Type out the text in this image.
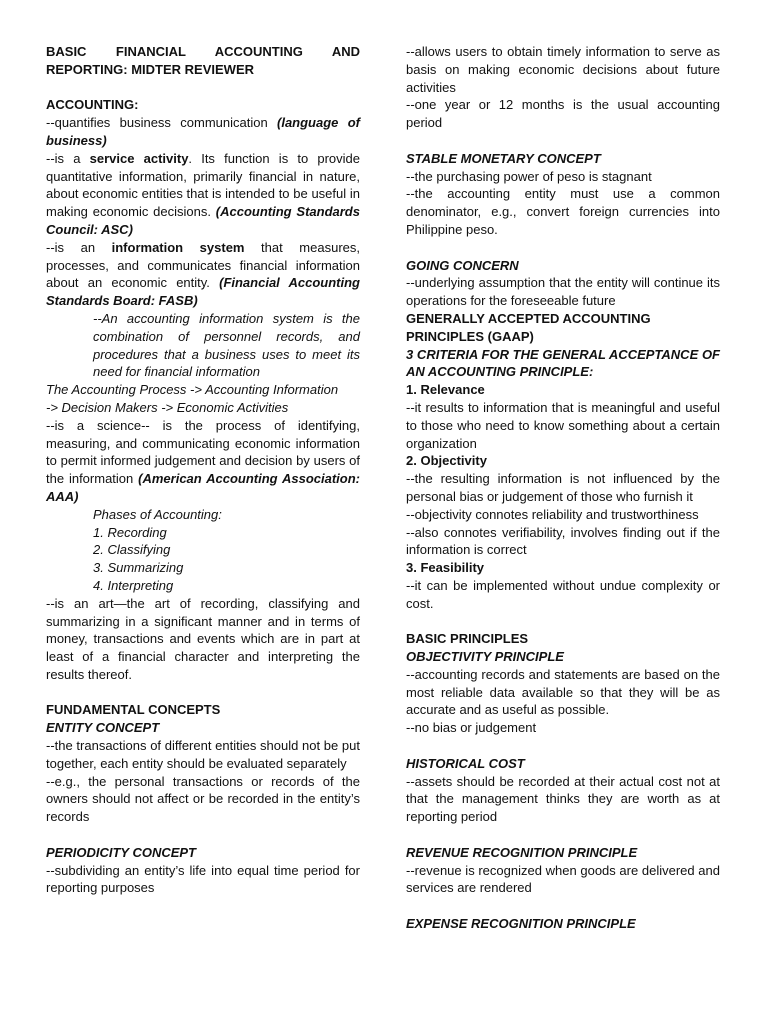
BASIC FINANCIAL ACCOUNTING AND REPORTING: MIDTER REVIEWER

ACCOUNTING:

--quantifies business communication (language of business)

--is a service activity. Its function is to provide quantitative information, primarily financial in nature, about economic entities that is intended to be useful in making economic decisions. (Accounting Standards Council: ASC)

--is an information system that measures, processes, and communicates financial information about an economic entity. (Financial Accounting Standards Board: FASB)

--An accounting information system is the combination of personnel records, and procedures that a business uses to meet its need for financial information

The Accounting Process -> Accounting Information

-> Decision Makers -> Economic Activities

--is a science-- is the process of identifying, measuring, and communicating economic information to permit informed judgement and decision by users of the information (American Accounting Association: AAA)

Phases of Accounting:

1. Recording

2. Classifying

3. Summarizing

4. Interpreting

--is an art—the art of recording, classifying and summarizing in a significant manner and in terms of money, transactions and events which are in part at least of a financial character and interpreting the results thereof.

FUNDAMENTAL CONCEPTS

ENTITY CONCEPT

--the transactions of different entities should not be put together, each entity should be evaluated separately

--e.g., the personal transactions or records of the owners should not affect or be recorded in the entity’s records

PERIODICITY CONCEPT

--subdividing an entity’s life into equal time period for reporting purposes

--allows users to obtain timely information to serve as basis on making economic decisions about future activities

--one year or 12 months is the usual accounting period

STABLE MONETARY CONCEPT

--the purchasing power of peso is stagnant

--the accounting entity must use a common denominator, e.g., convert foreign currencies into Philippine peso.

GOING CONCERN

--underlying assumption that the entity will continue its operations for the foreseeable future

GENERALLY ACCEPTED ACCOUNTING PRINCIPLES (GAAP)

3 CRITERIA FOR THE GENERAL ACCEPTANCE OF AN ACCOUNTING PRINCIPLE:

1. Relevance

--it results to information that is meaningful and useful to those who need to know something about a certain organization

2. Objectivity

--the resulting information is not influenced by the personal bias or judgement of those who furnish it

--objectivity connotes reliability and trustworthiness

--also connotes verifiability, involves finding out if the information is correct

3. Feasibility

--it can be implemented without undue complexity or cost.

BASIC PRINCIPLES

OBJECTIVITY PRINCIPLE

--accounting records and statements are based on the most reliable data available so that they will be as accurate and as useful as possible.

--no bias or judgement

HISTORICAL COST

--assets should be recorded at their actual cost not at that the management thinks they are worth as at reporting period

REVENUE RECOGNITION PRINCIPLE

--revenue is recognized when goods are delivered and services are rendered

EXPENSE RECOGNITION PRINCIPLE
